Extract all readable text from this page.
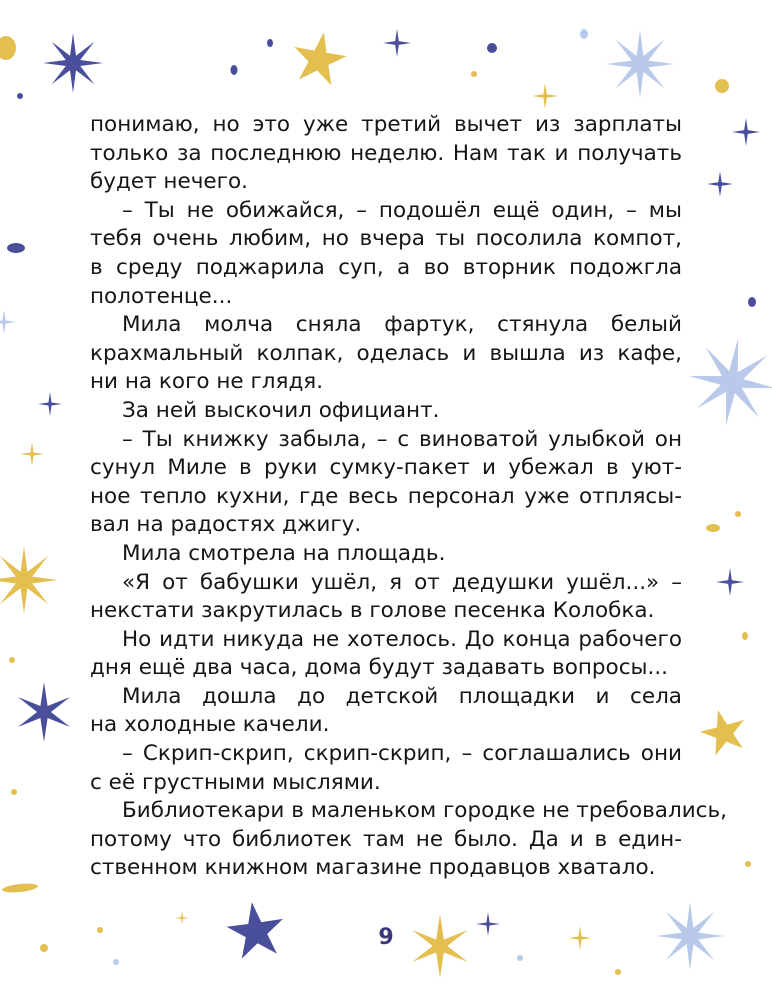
понимаю, но это уже третий вычет из зарплаты
только за последнюю неделю. Нам так и получать
будет нечего.
– Ты не обижайся, – подошёл ещё один, – мы
тебя очень любим, но вчера ты посолила компот,
в среду поджарила суп, а во вторник подожгла
полотенце...
Мила молча сняла фартук, стянула белый
крахмальный колпак, оделась и вышла из кафе,
ни на кого не глядя.
За ней выскочил официант.
– Ты книжку забыла, – с виноватой улыбкой он
сунул Миле в руки сумку-пакет и убежал в уют-
ное тепло кухни, где весь персонал уже отплясы-
вал на радостях джигу.
Мила смотрела на площадь.
«Я от бабушки ушёл, я от дедушки ушёл...» –
некстати закрутилась в голове песенка Колобка.
Но идти никуда не хотелось. До конца рабочего
дня ещё два часа, дома будут задавать вопросы...
Мила дошла до детской площадки и села
на холодные качели.
– Скрип-скрип, скрип-скрип, – соглашались они
с её грустными мыслями.
Библиотекари в маленьком городке не требовались,
потому что библиотек там не было. Да и в един-
ственном книжном магазине продавцов хватало.
9
